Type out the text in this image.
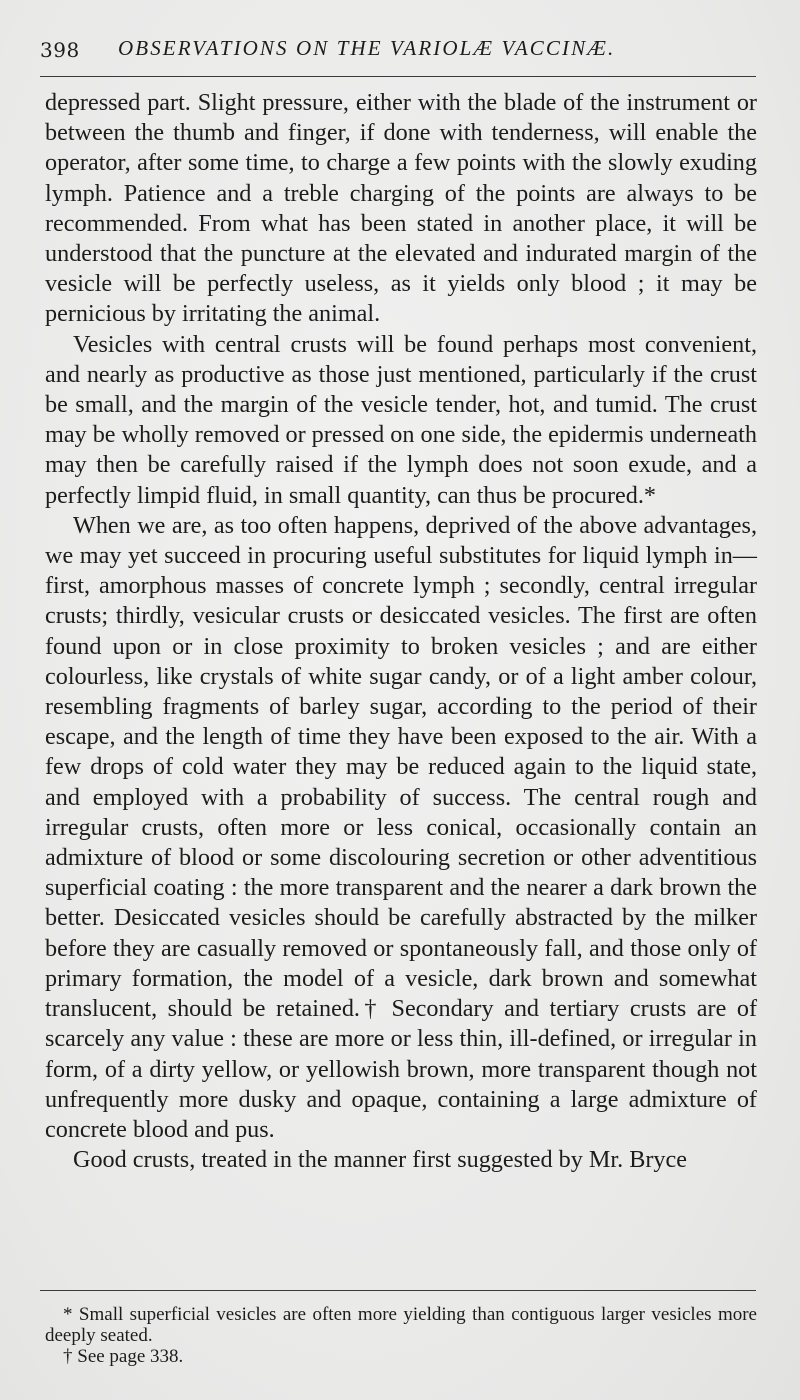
398 OBSERVATIONS ON THE VARIOLÆ VACCINÆ.

depressed part. Slight pressure, either with the blade of the instrument or between the thumb and finger, if done with tenderness, will enable the operator, after some time, to charge a few points with the slowly exuding lymph. Patience and a treble charging of the points are always to be recommended. From what has been stated in another place, it will be understood that the puncture at the elevated and indurated margin of the vesicle will be perfectly useless, as it yields only blood ; it may be pernicious by irritating the animal.

Vesicles with central crusts will be found perhaps most convenient, and nearly as productive as those just mentioned, particularly if the crust be small, and the margin of the vesicle tender, hot, and tumid. The crust may be wholly removed or pressed on one side, the epidermis underneath may then be carefully raised if the lymph does not soon exude, and a perfectly limpid fluid, in small quantity, can thus be procured.*

When we are, as too often happens, deprived of the above advantages, we may yet succeed in procuring useful substitutes for liquid lymph in—first, amorphous masses of concrete lymph ; secondly, central irregular crusts; thirdly, vesicular crusts or desiccated vesicles. The first are often found upon or in close proximity to broken vesicles ; and are either colourless, like crystals of white sugar candy, or of a light amber colour, resembling fragments of barley sugar, according to the period of their escape, and the length of time they have been exposed to the air. With a few drops of cold water they may be reduced again to the liquid state, and employed with a probability of success. The central rough and irregular crusts, often more or less conical, occasionally contain an admixture of blood or some discolouring secretion or other adventitious superficial coating : the more transparent and the nearer a dark brown the better. Desiccated vesicles should be carefully abstracted by the milker before they are casually removed or spontaneously fall, and those only of primary formation, the model of a vesicle, dark brown and somewhat translucent, should be retained.† Secondary and tertiary crusts are of scarcely any value : these are more or less thin, ill-defined, or irregular in form, of a dirty yellow, or yellowish brown, more transparent though not unfrequently more dusky and opaque, containing a large admixture of concrete blood and pus.

Good crusts, treated in the manner first suggested by Mr. Bryce

* Small superficial vesicles are often more yielding than contiguous larger vesicles more deeply seated.

† See page 338.
